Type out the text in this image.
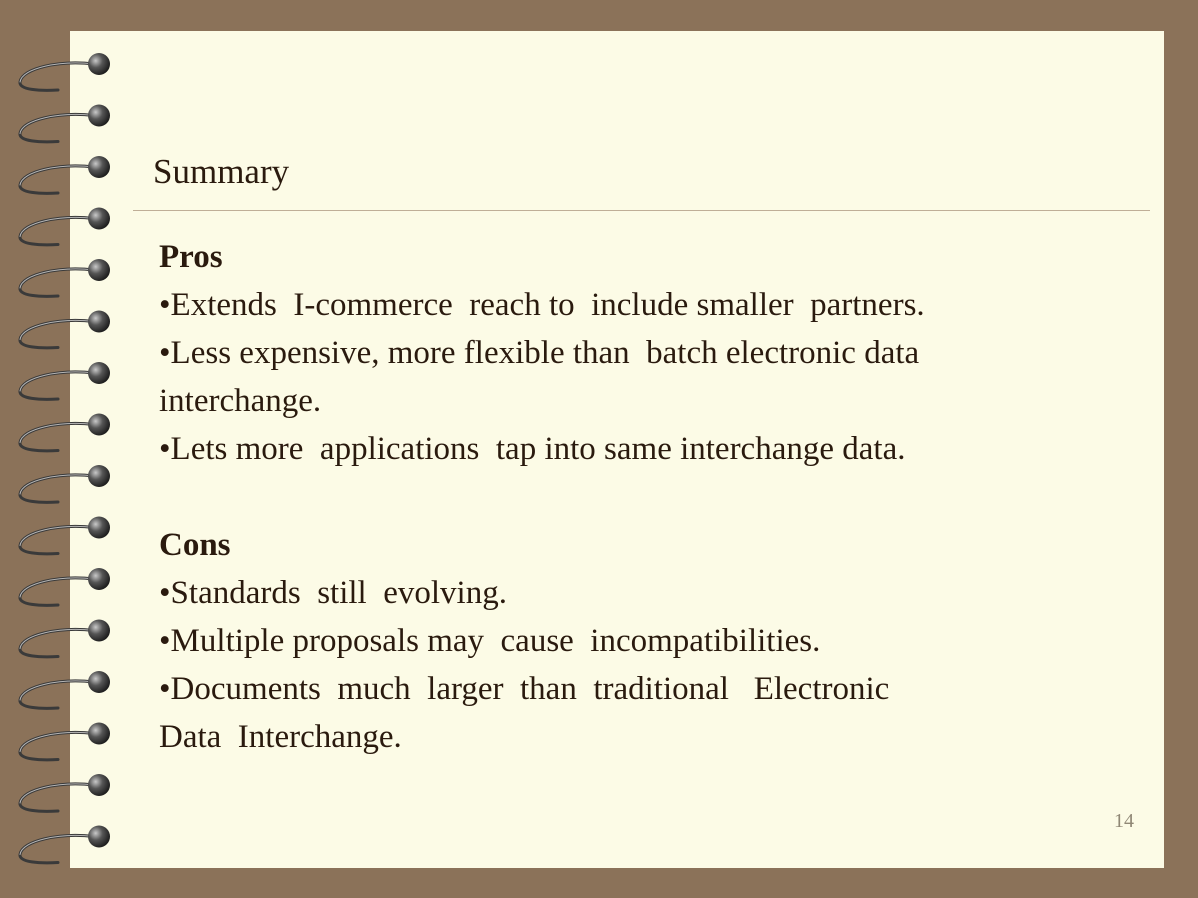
Summary
Pros
•Extends  I-commerce  reach to  include smaller  partners.
•Less expensive, more flexible than  batch electronic data
interchange.
•Lets more  applications  tap into same interchange data.
Cons
•Standards  still  evolving.
•Multiple proposals may  cause  incompatibilities.
•Documents  much  larger  than  traditional   Electronic
Data  Interchange.
14
